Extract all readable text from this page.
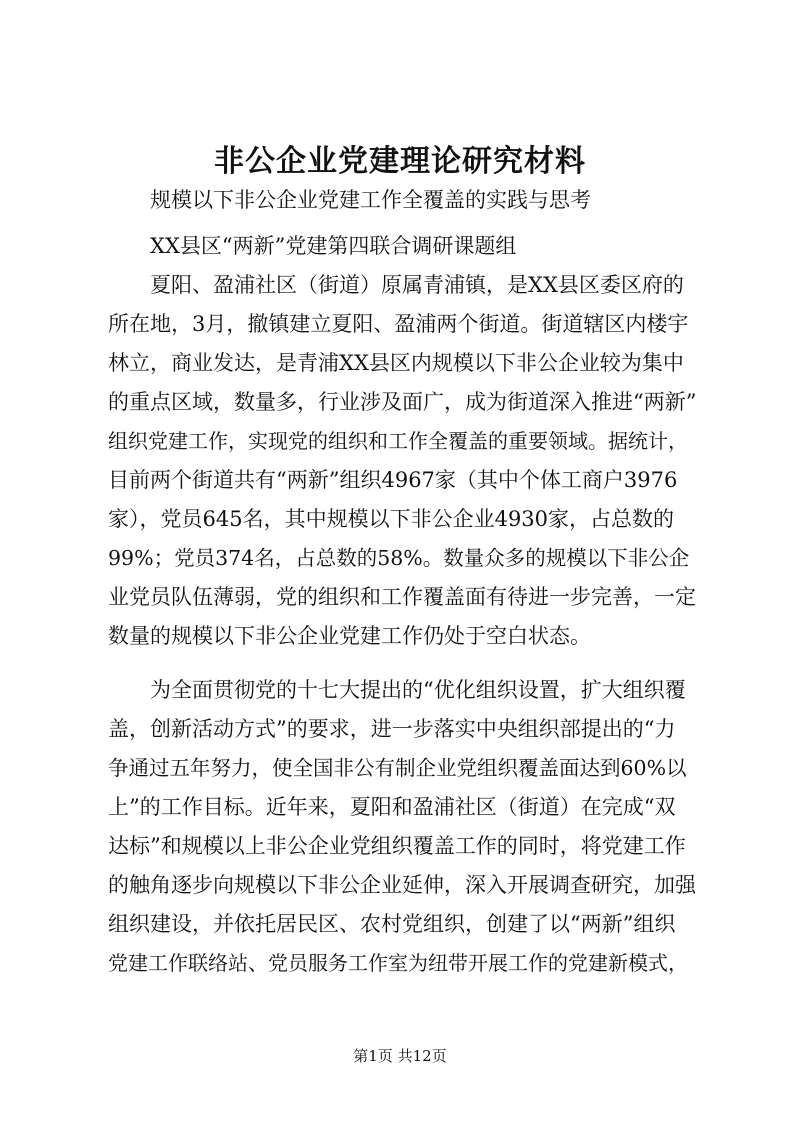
非公企业党建理论研究材料
规模以下非公企业党建工作全覆盖的实践与思考
XX县区“两新”党建第四联合调研课题组
夏阳、盈浦社区（街道）原属青浦镇，是XX县区委区府的
所在地，3月，撤镇建立夏阳、盈浦两个街道。街道辖区内楼宇
林立，商业发达，是青浦XX县区内规模以下非公企业较为集中
的重点区域，数量多，行业涉及面广，成为街道深入推进“两新”
组织党建工作，实现党的组织和工作全覆盖的重要领域。据统计，
目前两个街道共有“两新”组织4967家（其中个体工商户3976
家），党员645名，其中规模以下非公企业4930家，占总数的
99%；党员374名，占总数的58%。数量众多的规模以下非公企
业党员队伍薄弱，党的组织和工作覆盖面有待进一步完善，一定
数量的规模以下非公企业党建工作仍处于空白状态。
为全面贯彻党的十七大提出的“优化组织设置，扩大组织覆
盖，创新活动方式”的要求，进一步落实中央组织部提出的“力
争通过五年努力，使全国非公有制企业党组织覆盖面达到60%以
上”的工作目标。近年来，夏阳和盈浦社区（街道）在完成“双
达标”和规模以上非公企业党组织覆盖工作的同时，将党建工作
的触角逐步向规模以下非公企业延伸，深入开展调查研究，加强
组织建设，并依托居民区、农村党组织，创建了以“两新”组织
党建工作联络站、党员服务工作室为纽带开展工作的党建新模式，
第1页 共12页
